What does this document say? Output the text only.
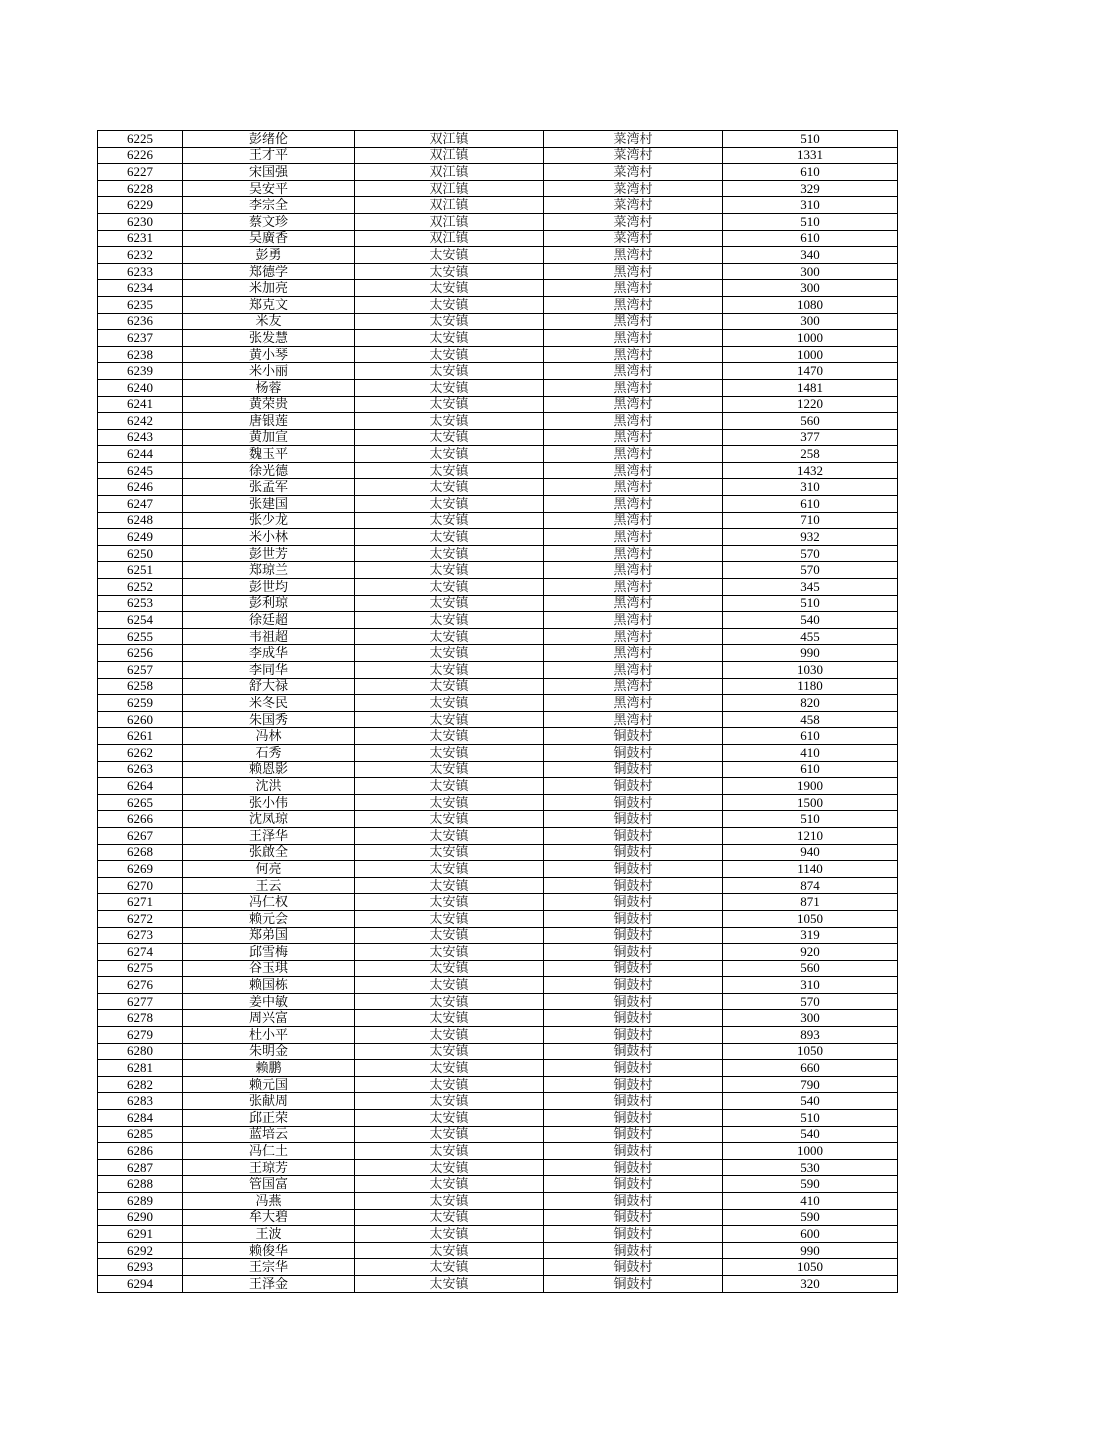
6225	彭绪伦	双江镇	菜湾村	510
6226	王才平	双江镇	菜湾村	1331
6227	宋国强	双江镇	菜湾村	610
6228	吴安平	双江镇	菜湾村	329
6229	李宗全	双江镇	菜湾村	310
6230	蔡文珍	双江镇	菜湾村	510
6231	吴廣香	双江镇	菜湾村	610
6232	彭勇	太安镇	黑湾村	340
6233	郑德学	太安镇	黑湾村	300
6234	米加亮	太安镇	黑湾村	300
6235	郑克文	太安镇	黑湾村	1080
6236	米友	太安镇	黑湾村	300
6237	张发慧	太安镇	黑湾村	1000
6238	黄小琴	太安镇	黑湾村	1000
6239	米小丽	太安镇	黑湾村	1470
6240	杨蓉	太安镇	黑湾村	1481
6241	黄荣贵	太安镇	黑湾村	1220
6242	唐银莲	太安镇	黑湾村	560
6243	黄加宣	太安镇	黑湾村	377
6244	魏玉平	太安镇	黑湾村	258
6245	徐光德	太安镇	黑湾村	1432
6246	张孟军	太安镇	黑湾村	310
6247	张建国	太安镇	黑湾村	610
6248	张少龙	太安镇	黑湾村	710
6249	米小林	太安镇	黑湾村	932
6250	彭世芳	太安镇	黑湾村	570
6251	郑琼兰	太安镇	黑湾村	570
6252	彭世均	太安镇	黑湾村	345
6253	彭利琼	太安镇	黑湾村	510
6254	徐廷超	太安镇	黑湾村	540
6255	韦祖超	太安镇	黑湾村	455
6256	李成华	太安镇	黑湾村	990
6257	李同华	太安镇	黑湾村	1030
6258	舒大禄	太安镇	黑湾村	1180
6259	米冬民	太安镇	黑湾村	820
6260	朱国秀	太安镇	黑湾村	458
6261	冯林	太安镇	铜鼓村	610
6262	石秀	太安镇	铜鼓村	410
6263	赖恩影	太安镇	铜鼓村	610
6264	沈洪	太安镇	铜鼓村	1900
6265	张小伟	太安镇	铜鼓村	1500
6266	沈凤琼	太安镇	铜鼓村	510
6267	王泽华	太安镇	铜鼓村	1210
6268	张啟全	太安镇	铜鼓村	940
6269	何亮	太安镇	铜鼓村	1140
6270	王云	太安镇	铜鼓村	874
6271	冯仁权	太安镇	铜鼓村	871
6272	赖元会	太安镇	铜鼓村	1050
6273	郑弟国	太安镇	铜鼓村	319
6274	邱雪梅	太安镇	铜鼓村	920
6275	谷玉琪	太安镇	铜鼓村	560
6276	赖国栋	太安镇	铜鼓村	310
6277	姜中敏	太安镇	铜鼓村	570
6278	周兴富	太安镇	铜鼓村	300
6279	杜小平	太安镇	铜鼓村	893
6280	朱明金	太安镇	铜鼓村	1050
6281	赖鹏	太安镇	铜鼓村	660
6282	赖元国	太安镇	铜鼓村	790
6283	张献周	太安镇	铜鼓村	540
6284	邱正荣	太安镇	铜鼓村	510
6285	蓝培云	太安镇	铜鼓村	540
6286	冯仁土	太安镇	铜鼓村	1000
6287	王琼芳	太安镇	铜鼓村	530
6288	管国富	太安镇	铜鼓村	590
6289	冯燕	太安镇	铜鼓村	410
6290	牟大碧	太安镇	铜鼓村	590
6291	王波	太安镇	铜鼓村	600
6292	赖俊华	太安镇	铜鼓村	990
6293	王宗华	太安镇	铜鼓村	1050
6294	王泽金	太安镇	铜鼓村	320
